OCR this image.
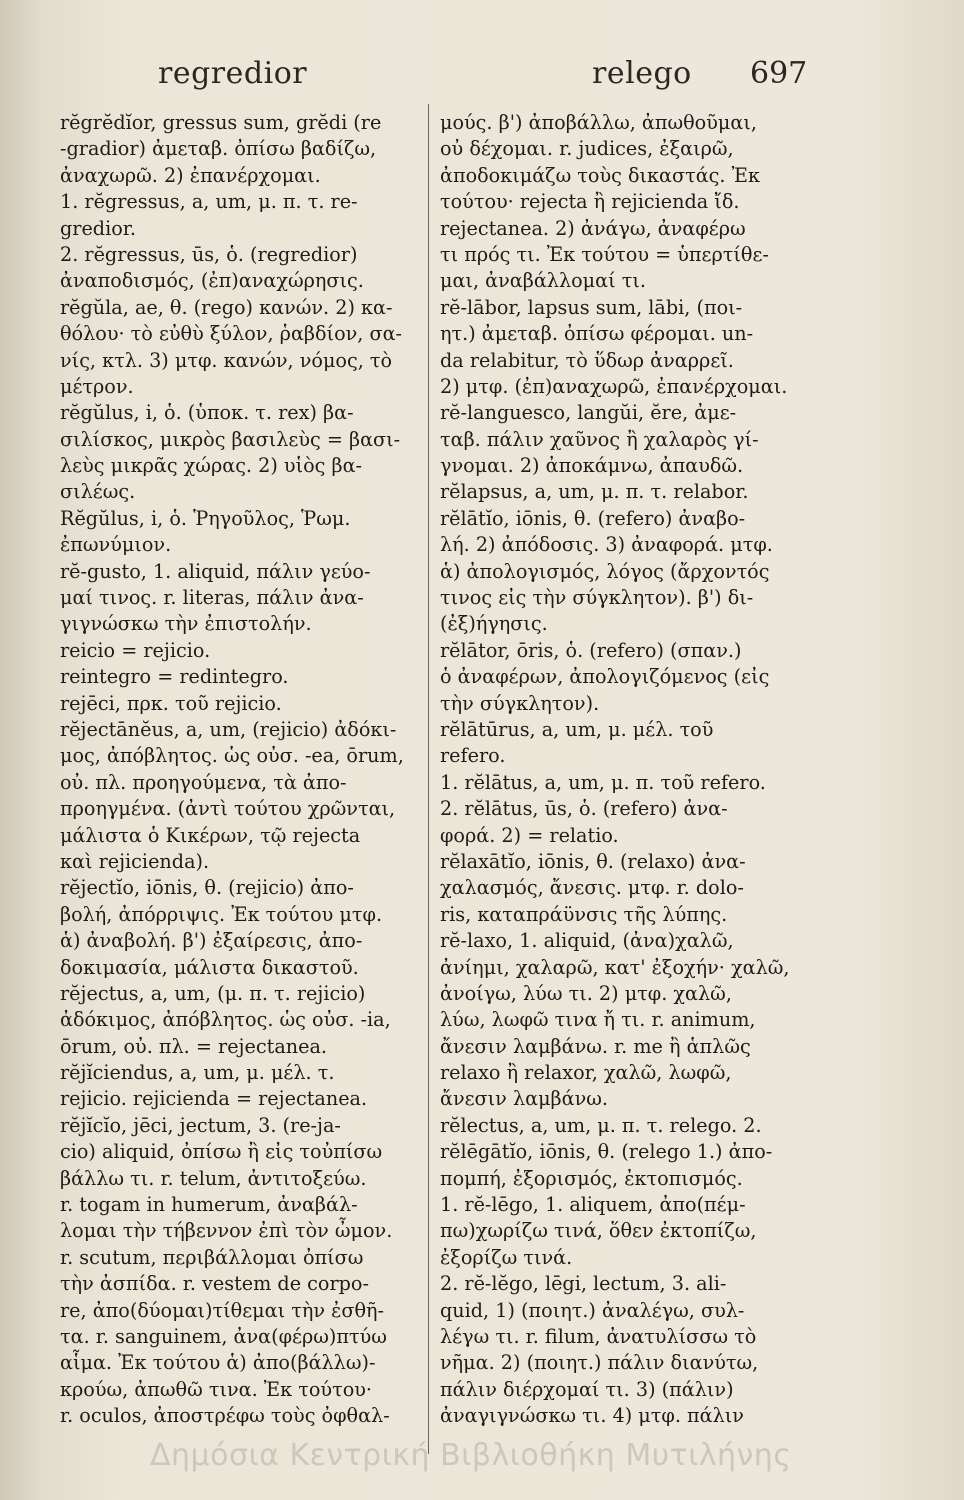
regredior	relego 697
rĕgrĕdĭor, gressus sum, grĕdi (re
-gradior) ἀμεταβ. ὀπίσω βαδίζω,
ἀναχωρῶ. 2) ἐπανέρχομαι.
1. rĕgressus, a, um, μ. π. τ. re-
gredior.
2. rĕgressus, ūs, ὁ. (regredior)
ἀναποδισμός, (ἐπ)αναχώρησις.
rĕgŭla, ae, θ. (rego) κανών. 2) κα-
θόλου· τὸ εὐθὺ ξύλον, ῥαβδίον, σα-
νίς, κτλ. 3) μτφ. κανών, νόμος, τὸ
μέτρον.
rĕgŭlus, i, ὁ. (ὑποκ. τ. rex) βα-
σιλίσκος, μικρὸς βασιλεὺς = βασι-
λεὺς μικρᾶς χώρας. 2) υἱὸς βα-
σιλέως.
Rĕgŭlus, i, ὁ. Ῥηγοῦλος, Ῥωμ.
ἐπωνύμιον.
rĕ-gusto, 1. aliquid, πάλιν γεύο-
μαί τινος. r. literas, πάλιν ἀνα-
γιγνώσκω τὴν ἐπιστολήν.
reicio = rejicio.
reintegro = redintegro.
rejēci, πρκ. τοῦ rejicio.
rĕjectānĕus, a, um, (rejicio) ἀδόκι-
μος, ἀπόβλητος. ὡς οὐσ. -ea, ōrum,
οὐ. πλ. προηγούμενα, τὰ ἀπο-
προηγμένα. (ἀντὶ τούτου χρῶνται,
μάλιστα ὁ Κικέρων, τῷ rejecta
καὶ rejicienda).
rĕjectĭo, iōnis, θ. (rejicio) ἀπο-
βολή, ἀπόρριψις. Ἐκ τούτου μτφ.
ἁ) ἀναβολή. β') ἐξαίρεσις, ἀπο-
δοκιμασία, μάλιστα δικαστοῦ.
rĕjectus, a, um, (μ. π. τ. rejicio)
ἀδόκιμος, ἀπόβλητος. ὡς οὐσ. -ia,
ōrum, οὐ. πλ. = rejectanea.
rĕjĭciendus, a, um, μ. μέλ. τ.
rejicio. rejicienda = rejectanea.
rĕjĭcĭo, jēci, jectum, 3. (re-ja-
cio) aliquid, ὀπίσω ἢ εἰς τοὐπίσω
βάλλω τι. r. telum, ἀντιτοξεύω.
r. togam in humerum, ἀναβάλ-
λομαι τὴν τήβεννον ἐπὶ τὸν ὦμον.
r. scutum, περιβάλλομαι ὀπίσω
τὴν ἀσπίδα. r. vestem de corpo-
re, ἀπο(δύομαι)τίθεμαι τὴν ἐσθῆ-
τα. r. sanguinem, ἀνα(φέρω)πτύω
αἷμα. Ἐκ τούτου ἁ) ἀπο(βάλλω)-
κρούω, ἀπωθῶ τινα. Ἐκ τούτου·
r. oculos, ἀποστρέφω τοὺς ὀφθαλ-
μούς. β') ἀποβάλλω, ἀπωθοῦμαι,
οὐ δέχομαι. r. judices, ἐξαιρῶ,
ἀποδοκιμάζω τοὺς δικαστάς. Ἐκ
τούτου· rejecta ἢ rejicienda ἴδ.
rejectanea. 2) ἀνάγω, ἀναφέρω
τι πρός τι. Ἐκ τούτου = ὑπερτίθε-
μαι, ἀναβάλλομαί τι.
rĕ-lābor, lapsus sum, lābi, (ποι-
ητ.) ἀμεταβ. ὀπίσω φέρομαι. un-
da relabitur, τὸ ὕδωρ ἀναρρεῖ.
2) μτφ. (ἐπ)αναχωρῶ, ἐπανέρχομαι.
rĕ-languesco, langŭi, ĕre, ἀμε-
ταβ. πάλιν χαῦνος ἢ χαλαρὸς γί-
γνομαι. 2) ἀποκάμνω, ἀπαυδῶ.
rĕlapsus, a, um, μ. π. τ. relabor.
rĕlātĭo, iōnis, θ. (refero) ἀναβο-
λή. 2) ἀπόδοσις. 3) ἀναφορά. μτφ.
ἁ) ἀπολογισμός, λόγος (ἄρχοντός
τινος εἰς τὴν σύγκλητον). β') δι-
(ἐξ)ήγησις.
rĕlātor, ōris, ὁ. (refero) (σπαν.)
ὁ ἀναφέρων, ἀπολογιζόμενος (εἰς
τὴν σύγκλητον).
rĕlātūrus, a, um, μ. μέλ. τοῦ
refero.
1. rĕlātus, a, um, μ. π. τοῦ refero.
2. rĕlātus, ūs, ὁ. (refero) ἀνα-
φορά. 2) = relatio.
rĕlaxātĭo, iōnis, θ. (relaxo) ἀνα-
χαλασμός, ἄνεσις. μτφ. r. dolo-
ris, καταπράϋνσις τῆς λύπης.
rĕ-laxo, 1. aliquid, (ἀνα)χαλῶ,
ἀνίημι, χαλαρῶ, κατ' ἐξοχήν· χαλῶ,
ἀνοίγω, λύω τι. 2) μτφ. χαλῶ,
λύω, λωφῶ τινα ἤ τι. r. animum,
ἄνεσιν λαμβάνω. r. me ἢ ἁπλῶς
relaxo ἢ relaxor, χαλῶ, λωφῶ,
ἄνεσιν λαμβάνω.
rĕlectus, a, um, μ. π. τ. relego. 2.
rĕlēgātĭo, iōnis, θ. (relego 1.) ἀπο-
πομπή, ἐξορισμός, ἐκτοπισμός.
1. rĕ-lēgo, 1. aliquem, ἀπο(πέμ-
πω)χωρίζω τινά, ὅθεν ἐκτοπίζω,
ἐξορίζω τινά.
2. rĕ-lĕgo, lēgi, lectum, 3. ali-
quid, 1) (ποιητ.) ἀναλέγω, συλ-
λέγω τι. r. filum, ἀνατυλίσσω τὸ
νῆμα. 2) (ποιητ.) πάλιν διανύτω,
πάλιν διέρχομαί τι. 3) (πάλιν)
ἀναγιγνώσκω τι. 4) μτφ. πάλιν
Δημόσια Κεντρική Βιβλιοθήκη Μυτιλήνης
